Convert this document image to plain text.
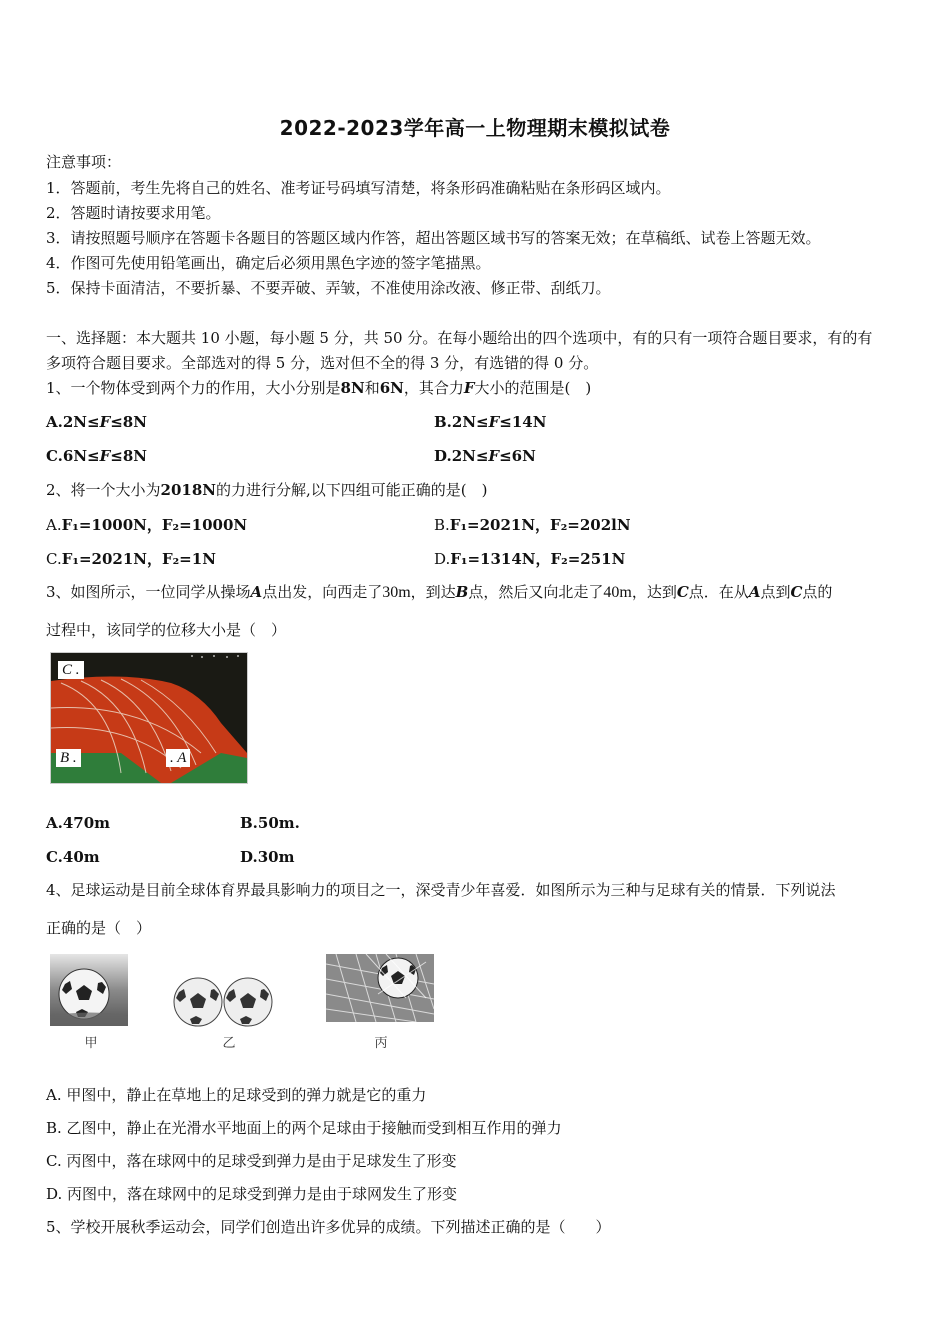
2022-2023学年高一上物理期末模拟试卷
注意事项：
1．答题前，考生先将自己的姓名、准考证号码填写清楚，将条形码准确粘贴在条形码区域内。
2．答题时请按要求用笔。
3．请按照题号顺序在答题卡各题目的答题区域内作答，超出答题区域书写的答案无效；在草稿纸、试卷上答题无效。
4．作图可先使用铅笔画出，确定后必须用黑色字迹的签字笔描黑。
5．保持卡面清洁，不要折暴、不要弄破、弄皱，不准使用涂改液、修正带、刮纸刀。
一、选择题：本大题共 10 小题，每小题 5 分，共 50 分。在每小题给出的四个选项中，有的只有一项符合题目要求，有的有
多项符合题目要求。全部选对的得 5 分，选对但不全的得 3 分，有选错的得 0 分。
1、一个物体受到两个力的作用，大小分别是8N和6N，其合力F大小的范围是(　)
A.2N≤F≤8N	B.2N≤F≤14N
C.6N≤F≤8N	D.2N≤F≤6N
2、将一个大小为2018N的力进行分解,以下四组可能正确的是(　)
A.F₁=1000N，F₂=1000N	B.F₁=2021N，F₂=202lN
C.F₁=2021N，F₂=1N	D.F₁=1314N，F₂=251N
3、如图所示，一位同学从操场A点出发，向西走了30m，到达B点，然后又向北走了40m，达到C点．在从A点到C点的
过程中，该同学的位移大小是（　）
C .
B .	. A
A.470m	B.50m.
C.40m	D.30m
4、足球运动是目前全球体育界最具影响力的项目之一，深受青少年喜爱．如图所示为三种与足球有关的情景．下列说法
正确的是（　）
甲	乙	丙
A. 甲图中，静止在草地上的足球受到的弹力就是它的重力
B. 乙图中，静止在光滑水平地面上的两个足球由于接触而受到相互作用的弹力
C. 丙图中，落在球网中的足球受到弹力是由于足球发生了形变
D. 丙图中，落在球网中的足球受到弹力是由于球网发生了形变
5、学校开展秋季运动会，同学们创造出许多优异的成绩。下列描述正确的是（　　）
